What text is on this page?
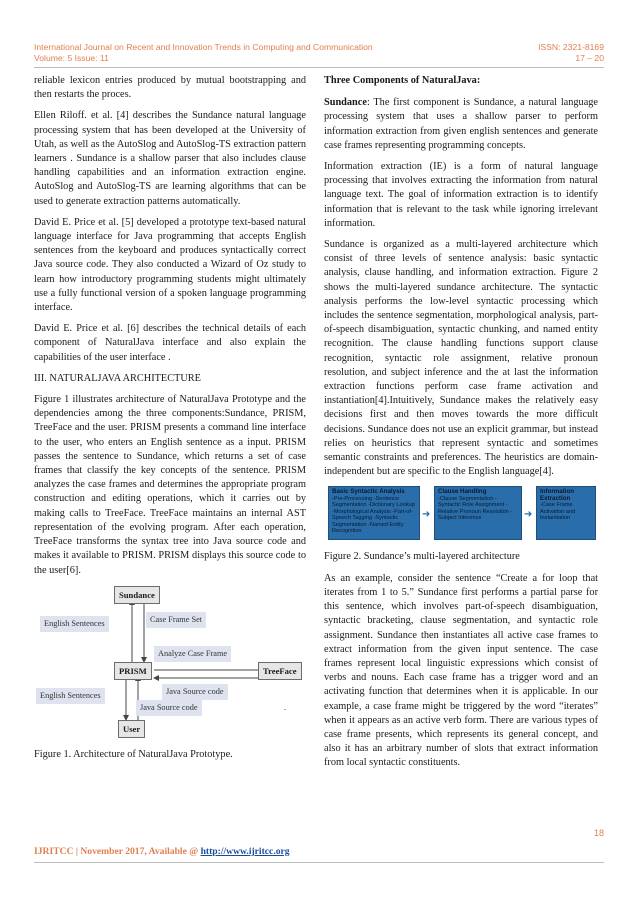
International Journal on Recent and Innovation Trends in Computing and Communication	ISSN: 2321-8169
Volume: 5 Issue: 11	17 – 20

reliable lexicon entries produced by mutual bootstrapping and then restarts the proces.

Ellen Riloff. et al. [4] describes the Sundance natural language processing system that has been developed at the University of Utah, as well as the AutoSlog and AutoSlog-TS extraction pattern learners . Sundance is a shallow parser that also includes clause handling capabilities and an information extraction engine. AutoSlog and AutoSlog-TS are learning algorithms that can be used to generate extraction patterns automatically.

David E. Price et al. [5] developed a prototype text-based natural language interface for Java programming that accepts English sentences from the keyboard and produces syntactically correct Java source code. They also conducted a Wizard of Oz study to learn how introductory programming students might ultimately use a fully functional version of a spoken language programming interface.

David E. Price et al. [6] describes the technical details of each component of NaturalJava interface and also explain the capabilities of the user interface .

III. NATURALJAVA ARCHITECTURE

Figure 1 illustrates architecture of NaturalJava Prototype and the dependencies among the three components:Sundance, PRISM, TreeFace and the user. PRISM presents a command line interface to the user, who enters an English sentence as a input. PRISM passes the sentence to Sundance, which returns a set of case frames that classify the key concepts of the sentence. PRISM analyzes the case frames and determines the appropriate program construction and editing operations, which it carries out by making calls to TreeFace. TreeFace maintains an internal AST representation of the evolving program. After each operation, TreeFace transforms the syntax tree into Java source code and makes it available to PRISM. PRISM displays this source code to the user[6].

Sundance
English Sentences	Case Frame Set
Analyze Case Frame
PRISM	TreeFace
English Sentences	Java Source code
Java Source code	.
User

Figure 1. Architecture of NaturalJava Prototype.

Three Components of NaturalJava:

Sundance: The first component is Sundance, a natural language processing system that uses a shallow parser to perform information extraction from given english sentences and generate case frames representing programming concepts.

Information extraction (IE) is a form of natural language processing that involves extracting the information from natural language text. The goal of information extraction is to identify information that is relevant to the task while ignoring irrelevant information.

Sundance is organized as a multi-layered architecture which consist of three levels of sentence analysis: basic syntactic analysis, clause handling, and information extraction. Figure 2 shows the multi-layered sundance architecture. The syntactic analysis performs the low-level syntactic processing which includes the sentence segmentation, morphological analysis, part-of-speech disambiguation, syntactic chunking, and named entity recognition. The clause handling functions support clause recognition, syntactic role assignment, relative pronoun resolution, and subject inference and the at last the information extraction functions perform case frame activation and instantiation[4].Intuitively, Sundance makes the relatively easy decisions first and then moves towards the more difficult decisions. Sundance does not use an explicit grammar, but instead relies on heuristics that represent syntactic and sometimes semantic constraints and preferences. The heuristics are domain-independent but are specific to the English language[4].

Basic Syntactic Analysis
-Pre-Processing -Sentence Segmentation -Dictionary Lookup -Morphological Analysis -Part-of-Speech Tagging -Syntactic Segmentation -Named Entity Recognition
➜
Clause Handling
-Clause Segmentation -Syntactic Role Assignment -Relative Pronoun Resolution -Subject Inference	➜
Information Extraction
-Case Frame Activation and Instantiation

Figure 2. Sundance’s multi-layered architecture

As an example, consider the sentence “Create a for loop that iterates from 1 to 5.” Sundance first performs a partial parse for this sentence, which involves part-of-speech disambiguation, syntactic bracketing, clause segmentation, and syntactic role assignment. Sundance then instantiates all active case frames to extract information from the given input sentence. The case frames represent local linguistic expressions which consist of verbs and nouns. Each case frame has a trigger word and an activating function that determines when it is applicable. In our example, a case frame might be triggered by the word “iterates” when it appears as an active verb form. There are various types of case frame presents, which represents its general concept, and also it has an arbitrary number of slots that extract information from local syntactic constituents.

18
IJRITCC | November 2017, Available @ http://www.ijritcc.org
